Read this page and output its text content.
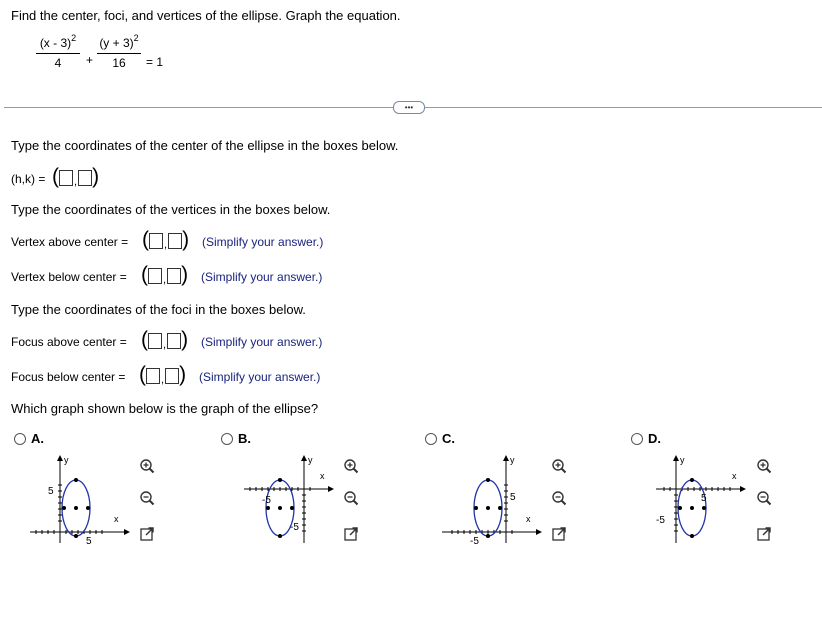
Find the center, foci, and vertices of the ellipse. Graph the equation.
(x - 3)$^2$
4	+
$(y + 3)^2$
16	= 1
•••
Type the coordinates of the center of the ellipse in the boxes below.
(h,k) = ( , )
Type the coordinates of the vertices in the boxes below.
Vertex above center = ( , ) (Simplify your answer.)
Vertex below center = ( , ) (Simplify your answer.)
Type the coordinates of the foci in the boxes below.
Focus above center = ( , ) (Simplify your answer.)
Focus below center = ( , ) (Simplify your answer.)
Which graph shown below is the graph of the ellipse?
A.
5
5
x
y
B.
-5
-5
x
y
C.
5
-5
x
y
D.
-5
5
x
y
